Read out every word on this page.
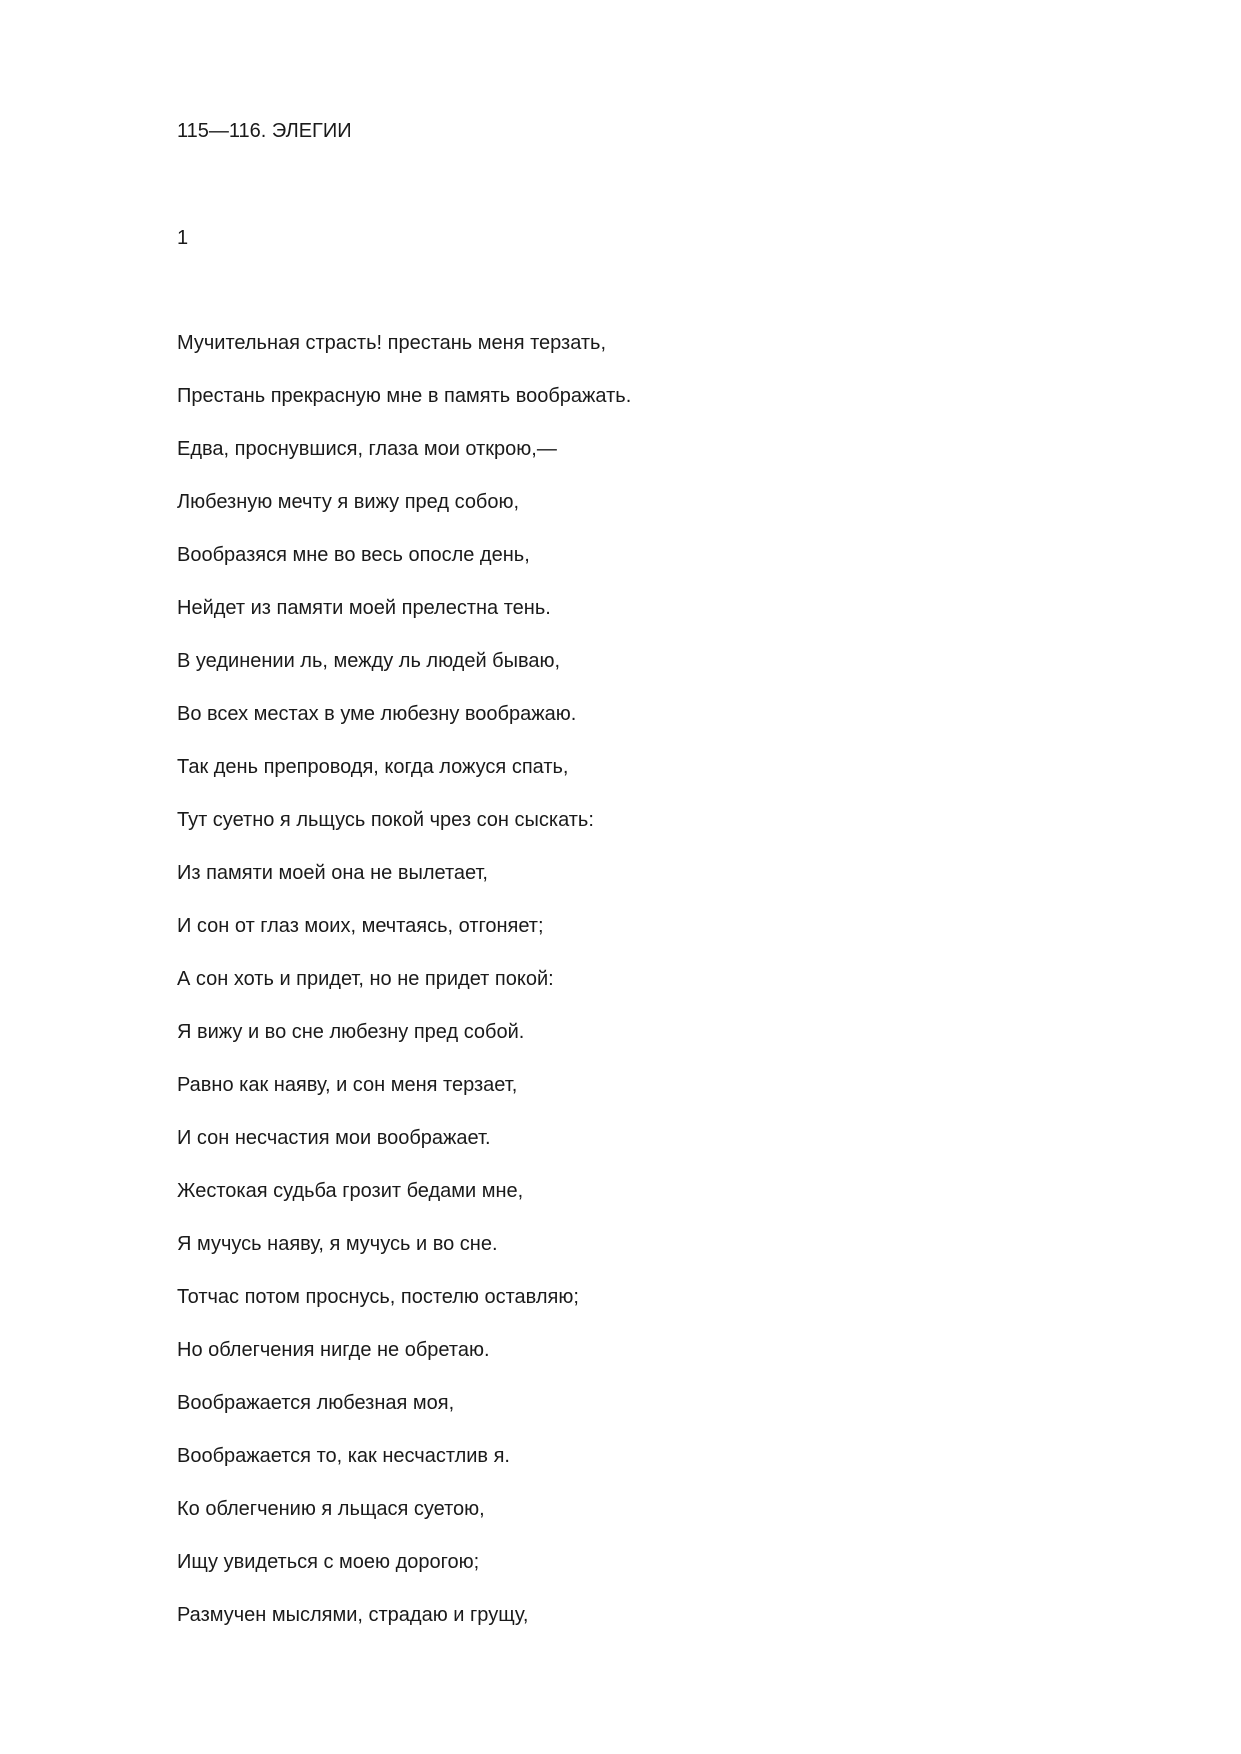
115—116. ЭЛЕГИИ
1
Мучительная страсть! престань меня терзать,
Престань прекрасную мне в память воображать.
Едва, проснувшися, глаза мои открою,—
Любезную мечту я вижу пред собою,
Вообразяся мне во весь опосле день,
Нейдет из памяти моей прелестна тень.
В уединении ль, между ль людей бываю,
Во всех местах в уме любезну воображаю.
Так день препроводя, когда ложуся спать,
Тут суетно я льщусь покой чрез сон сыскать:
Из памяти моей она не вылетает,
И сон от глаз моих, мечтаясь, отгоняет;
А сон хоть и придет, но не придет покой:
Я вижу и во сне любезну пред собой.
Равно как наяву, и сон меня терзает,
И сон несчастия мои воображает.
Жестокая судьба грозит бедами мне,
Я мучусь наяву, я мучусь и во сне.
Тотчас потом проснусь, постелю оставляю;
Но облегчения нигде не обретаю.
Воображается любезная моя,
Воображается то, как несчастлив я.
Ко облегчению я льщася суетою,
Ищу увидеться с моею дорогою;
Размучен мыслями, страдаю и грущу,
